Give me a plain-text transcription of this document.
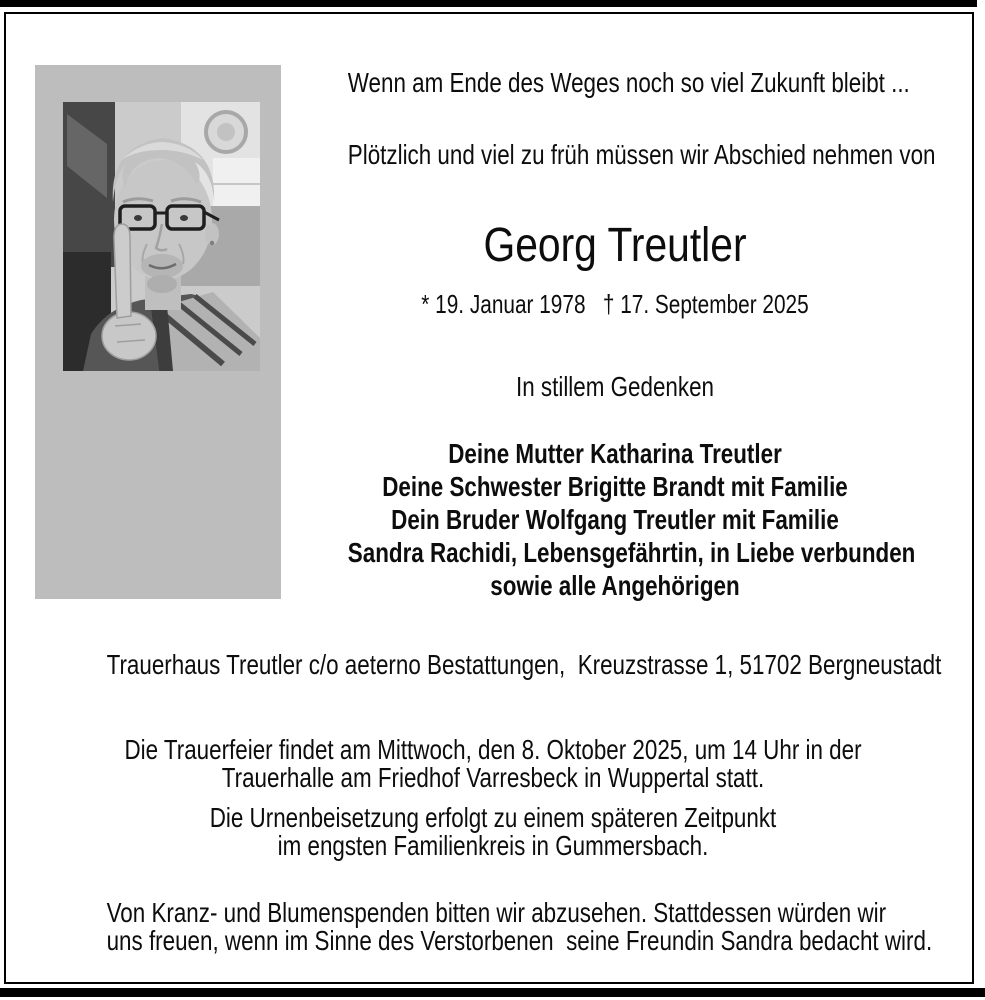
Wenn am Ende des Weges noch so viel Zukunft bleibt ...
Plötzlich und viel zu früh müssen wir Abschied nehmen von
Georg Treutler
* 19. Januar 1978   † 17. September 2025
In stillem Gedenken
Deine Mutter Katharina Treutler
Deine Schwester Brigitte Brandt mit Familie
Dein Bruder Wolfgang Treutler mit Familie
Sandra Rachidi, Lebensgefährtin, in Liebe verbunden
sowie alle Angehörigen
Trauerhaus Treutler c/o aeterno Bestattungen,  Kreuzstrasse 1, 51702 Bergneustadt
Die Trauerfeier findet am Mittwoch, den 8. Oktober 2025, um 14 Uhr in der
Trauerhalle am Friedhof Varresbeck in Wuppertal statt.
Die Urnenbeisetzung erfolgt zu einem späteren Zeitpunkt
im engsten Familienkreis in Gummersbach.
Von Kranz- und Blumenspenden bitten wir abzusehen. Stattdessen würden wir
uns freuen, wenn im Sinne des Verstorbenen  seine Freundin Sandra bedacht wird.
